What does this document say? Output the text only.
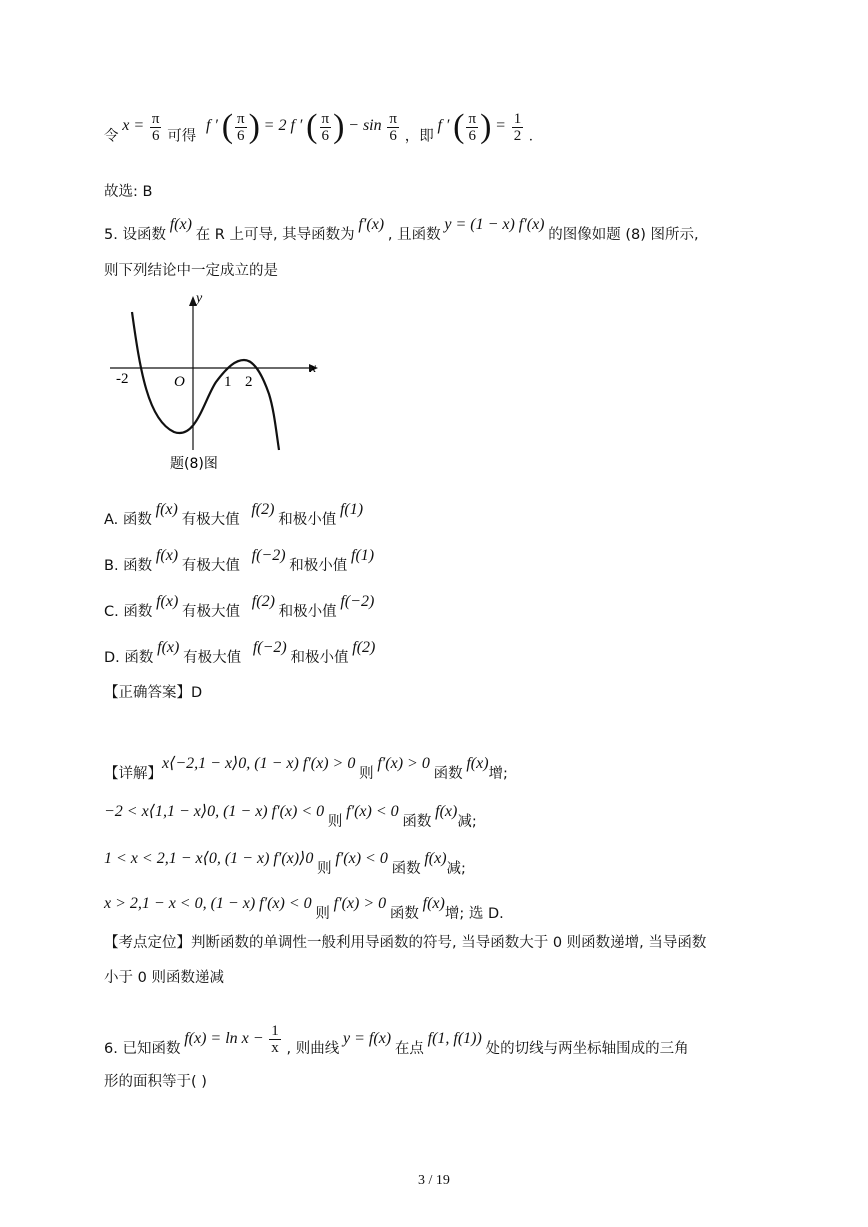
令 $x = \frac{\pi}{6}$ 可得 f ′ ( $\frac{\pi}{6}$ ) = 2 f ′ ( $\frac{\pi}{6}$ ) − $\sin \frac{\pi}{6}$ ，即 f ′ ( $\frac{\pi}{6}$ ) = $\frac{1}{2}$ .
故选: B
5. 设函数 f(x) 在 R 上可导, 其导函数为 f′(x) , 且函数 y = (1 − x) f′(x) 的图像如题 (8) 图所示,
则下列结论中一定成立的是
y
x
O
-2	1 2
题(8)图
A. 函数 f(x) 有极大值 f(2) 和极小值 f(1)
B. 函数 f(x) 有极大值 f(−2) 和极小值 f(1)
C. 函数 f(x) 有极大值 f(2) 和极小值 f(−2)
D. 函数 f(x) 有极大值 f(−2) 和极小值 f(2)
【正确答案】D
【详解】x⟨−2,1 − x⟩0, (1 − x) f′(x) > 0 则 f′(x) > 0 函数 f(x)增;
−2 < x⟨1,1 − x⟩0, (1 − x) f′(x) < 0 则 f′(x) < 0 函数 f(x)减;
1 < x < 2,1 − x⟨0, (1 − x) f′(x)⟩0 则 f′(x) < 0 函数 f(x)减;
x > 2,1 − x < 0, (1 − x) f′(x) < 0 则 f′(x) > 0 函数 f(x)增; 选 D.
【考点定位】判断函数的单调性一般利用导函数的符号, 当导函数大于 0 则函数递增, 当导函数
小于 0 则函数递减
6. 已知函数 $f(x) = \ln x - \frac{1}{x}$ , 则曲线 y = f(x) 在点 f(1, f(1)) 处的切线与两坐标轴围成的三角
形的面积等于( )
3 / 19
